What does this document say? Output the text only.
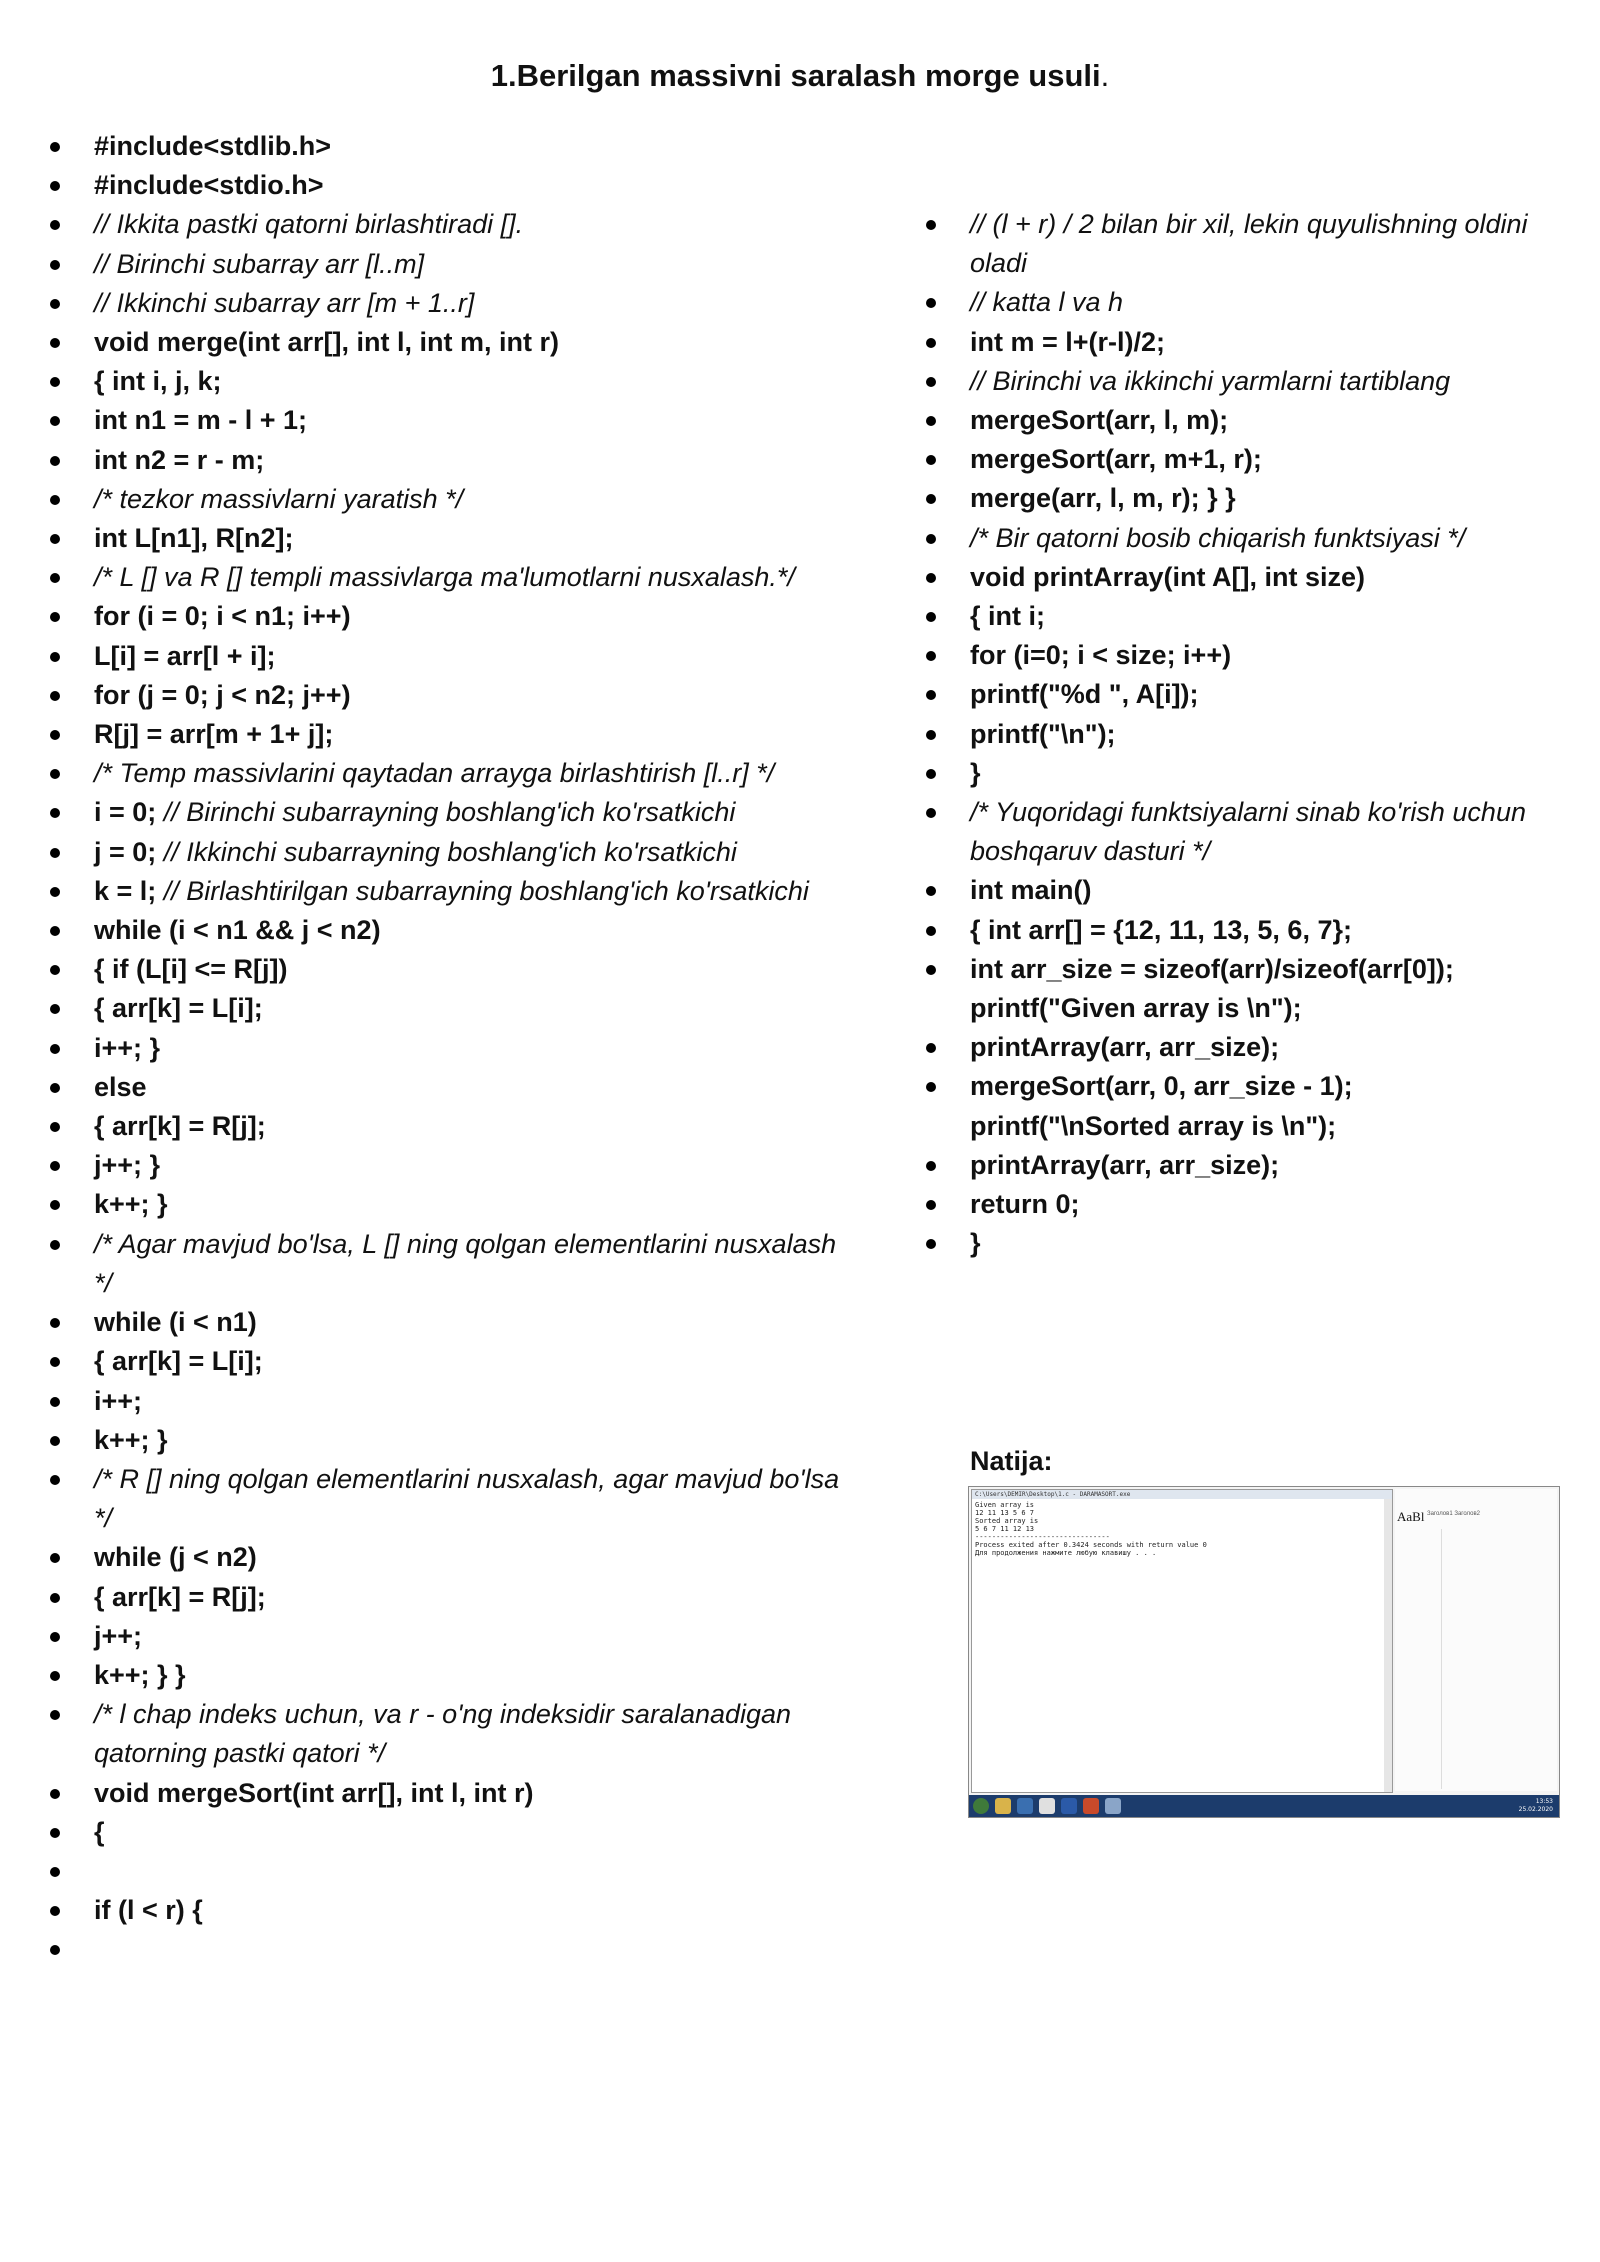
1.Berilgan massivni saralash morge usuli.
#include<stdlib.h>
#include<stdio.h>
// Ikkita pastki qatorni birlashtiradi [].
// Birinchi subarray arr [l..m]
// Ikkinchi subarray arr [m + 1..r]
void merge(int arr[], int l, int m, int r)
{ int i, j, k;
int n1 = m - l + 1;
int n2 = r - m;
/* tezkor massivlarni yaratish */
int L[n1], R[n2];
/* L [] va R [] templi massivlarga ma'lumotlarni nusxalash.*/
for (i = 0; i < n1; i++)
L[i] = arr[l + i];
for (j = 0; j < n2; j++)
R[j] = arr[m + 1+ j];
/* Temp massivlarini qaytadan arrayga birlashtirish [l..r] */
i = 0; // Birinchi subarrayning boshlang'ich ko'rsatkichi
j = 0; // Ikkinchi subarrayning boshlang'ich ko'rsatkichi
k = l; // Birlashtirilgan subarrayning boshlang'ich ko'rsatkichi
while (i < n1 && j < n2)
{ if (L[i] <= R[j])
{ arr[k] = L[i];
i++; }
else
{ arr[k] = R[j];
j++; }
k++; }
/* Agar mavjud bo'lsa, L [] ning qolgan elementlarini nusxalash */
while (i < n1)
{ arr[k] = L[i];
i++;
k++; }
/* R [] ning qolgan elementlarini nusxalash, agar mavjud bo'lsa */
while (j < n2)
{ arr[k] = R[j];
j++;
k++; } }
/* l chap indeks uchun, va r - o'ng indeksidir saralanadigan qatorning pastki qatori */
void mergeSort(int arr[], int l, int r)
{
if (l < r) {
// (l + r) / 2 bilan bir xil, lekin quyulishning oldini oladi
// katta l va h
int m = l+(r-l)/2;
// Birinchi va ikkinchi yarmlarni tartiblang
mergeSort(arr, l, m);
mergeSort(arr, m+1, r);
merge(arr, l, m, r); } }
/* Bir qatorni bosib chiqarish funktsiyasi */
void printArray(int A[], int size)
{ int i;
for (i=0; i < size; i++)
printf("%d ", A[i]);
printf("\n");
}
/* Yuqoridagi funktsiyalarni sinab ko'rish uchun boshqaruv dasturi */
int main()
{ int arr[] = {12, 11, 13, 5, 6, 7};
int arr_size = sizeof(arr)/sizeof(arr[0]);
printf("Given array is \n");
printArray(arr, arr_size);
mergeSort(arr, 0, arr_size - 1);
printf("\nSorted array is \n");
printArray(arr, arr_size);
return 0;
}
Natija:
C:\Users\DEMIR\Desktop\1.c - DARAMASORT.exe
Given array is
12 11 13 5 6 7
Sorted array is
5 6 7 11 12 13
--------------------------------
Process exited after 0.3424 seconds with return value 0
Для продолжения нажмите любую клавишу . . .
AaBl Заголов1 Заголов2
13:53
25.02.2020
